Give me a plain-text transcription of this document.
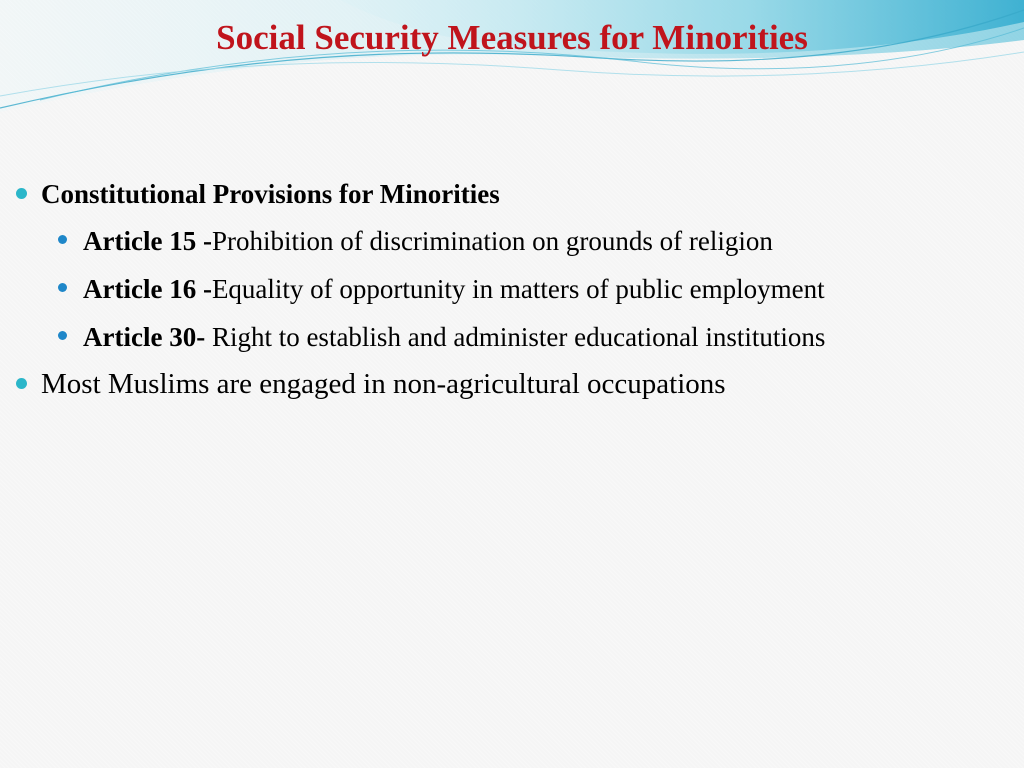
Social Security Measures for Minorities
Constitutional Provisions for Minorities
Article 15 -Prohibition of discrimination on grounds of religion
Article 16 -Equality of opportunity in matters of public employment
Article 30- Right to establish and administer educational institutions
Most Muslims are engaged in non-agricultural occupations
